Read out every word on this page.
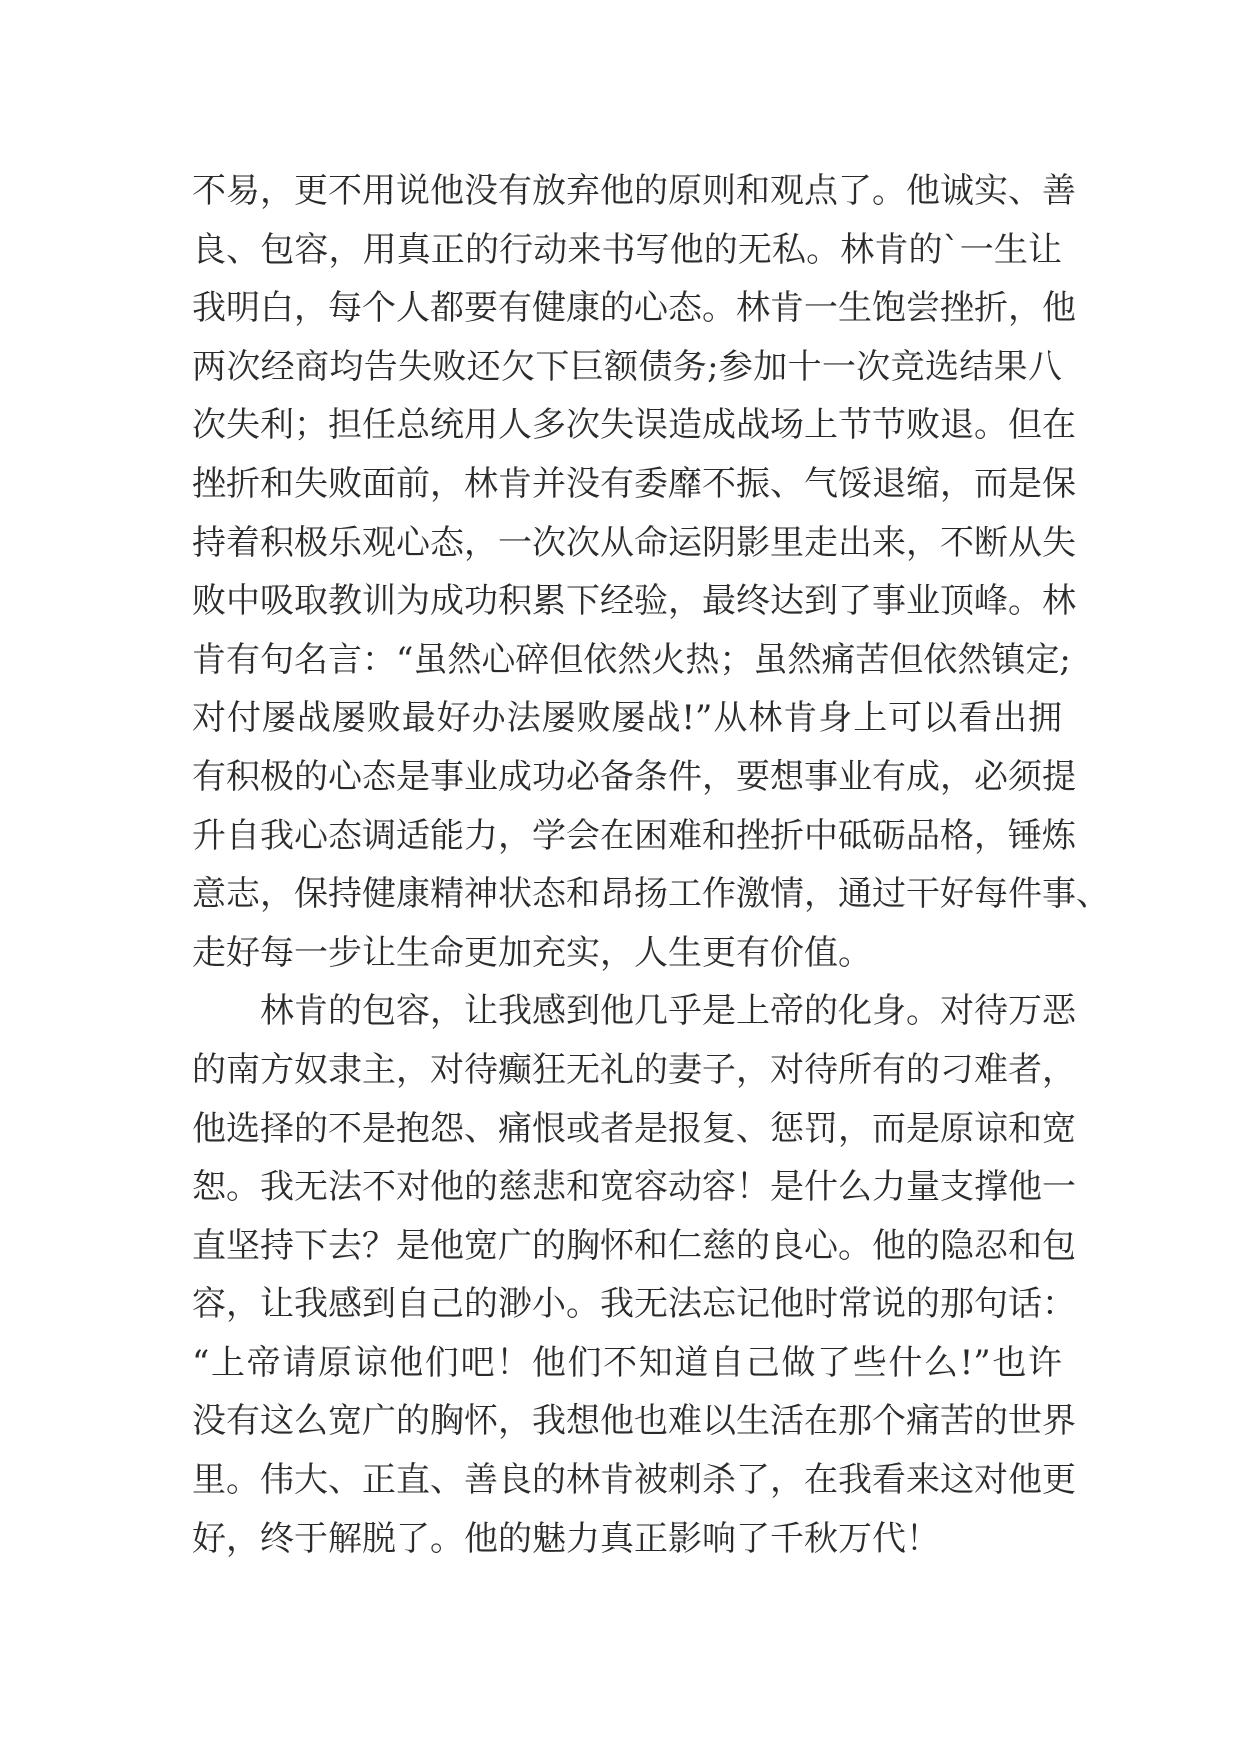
不易，更不用说他没有放弃他的原则和观点了。他诚实、善
良、包容，用真正的行动来书写他的无私。林肯的`一生让
我明白，每个人都要有健康的心态。林肯一生饱尝挫折，他
两次经商均告失败还欠下巨额债务;参加十一次竞选结果八
次失利；担任总统用人多次失误造成战场上节节败退。但在
挫折和失败面前，林肯并没有委靡不振、气馁退缩，而是保
持着积极乐观心态，一次次从命运阴影里走出来，不断从失
败中吸取教训为成功积累下经验，最终达到了事业顶峰。林
肯有句名言：“虽然心碎但依然火热；虽然痛苦但依然镇定;
对付屡战屡败最好办法屡败屡战!”从林肯身上可以看出拥
有积极的心态是事业成功必备条件，要想事业有成，必须提
升自我心态调适能力，学会在困难和挫折中砥砺品格，锤炼
意志，保持健康精神状态和昂扬工作激情，通过干好每件事、
走好每一步让生命更加充实，人生更有价值。
林肯的包容，让我感到他几乎是上帝的化身。对待万恶
的南方奴隶主，对待癫狂无礼的妻子，对待所有的刁难者，
他选择的不是抱怨、痛恨或者是报复、惩罚，而是原谅和宽
恕。我无法不对他的慈悲和宽容动容！是什么力量支撑他一
直坚持下去？是他宽广的胸怀和仁慈的良心。他的隐忍和包
容，让我感到自己的渺小。我无法忘记他时常说的那句话：
“上帝请原谅他们吧！他们不知道自己做了些什么!”也许
没有这么宽广的胸怀，我想他也难以生活在那个痛苦的世界
里。伟大、正直、善良的林肯被刺杀了，在我看来这对他更
好，终于解脱了。他的魅力真正影响了千秋万代！
